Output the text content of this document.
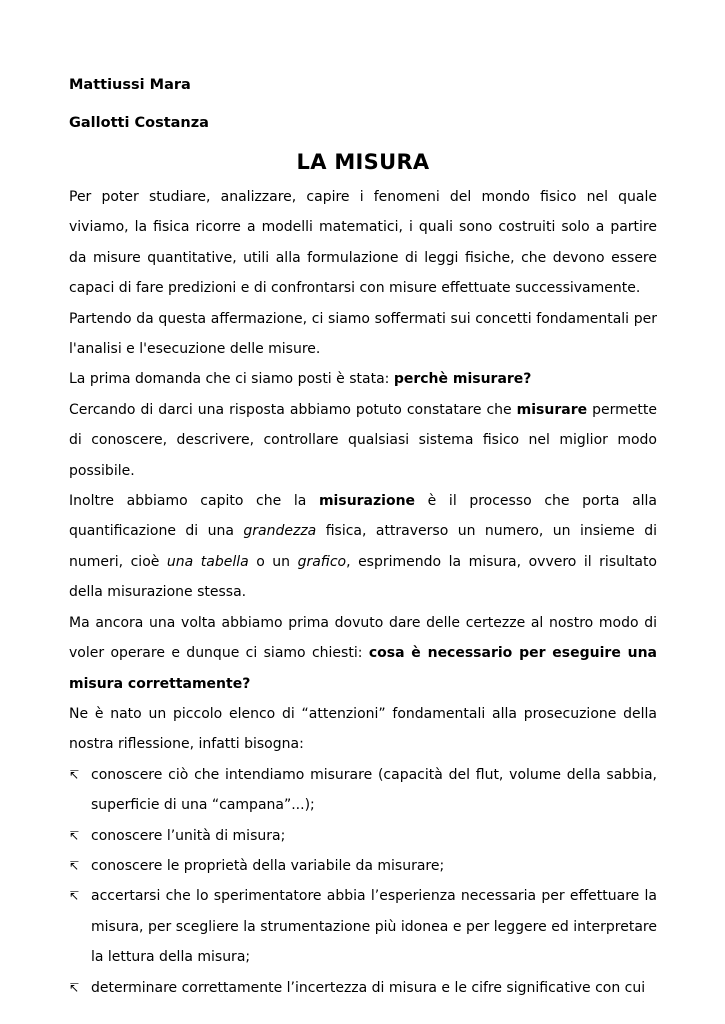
Mattiussi Mara
Gallotti Costanza
LA MISURA

Per poter studiare, analizzare, capire i fenomeni del mondo fisico nel quale viviamo, la fisica ricorre a modelli matematici, i quali sono costruiti solo a partire da misure quantitative, utili alla formulazione di leggi fisiche, che devono essere capaci di fare predizioni e di confrontarsi con misure effettuate successivamente.

Partendo da questa affermazione, ci siamo soffermati sui concetti fondamentali per l'analisi e l'esecuzione delle misure.

La prima domanda che ci siamo posti è stata: perchè misurare?

Cercando di darci una risposta abbiamo potuto constatare che misurare permette di conoscere, descrivere, controllare qualsiasi sistema fisico nel miglior modo possibile.

Inoltre abbiamo capito che la misurazione è il processo che porta alla quantificazione di una grandezza fisica, attraverso un numero, un insieme di numeri, cioè una tabella o un grafico, esprimendo la misura, ovvero il risultato della misurazione stessa.

Ma ancora una volta abbiamo prima dovuto dare delle certezze al nostro modo di voler operare e dunque ci siamo chiesti: cosa è necessario per eseguire una misura correttamente?

Ne è nato un piccolo elenco di “attenzioni” fondamentali alla prosecuzione della nostra riflessione, infatti bisogna:

↸ conoscere ciò che intendiamo misurare (capacità del flut, volume della sabbia, superficie di una “campana”...);
↸ conoscere l’unità di misura;
↸ conoscere le proprietà della variabile da misurare;
↸ accertarsi che lo sperimentatore abbia l’esperienza necessaria per effettuare la misura, per scegliere la strumentazione più idonea e per leggere ed interpretare la lettura della misura;
↸ determinare correttamente l’incertezza di misura e le cifre significative con cui
